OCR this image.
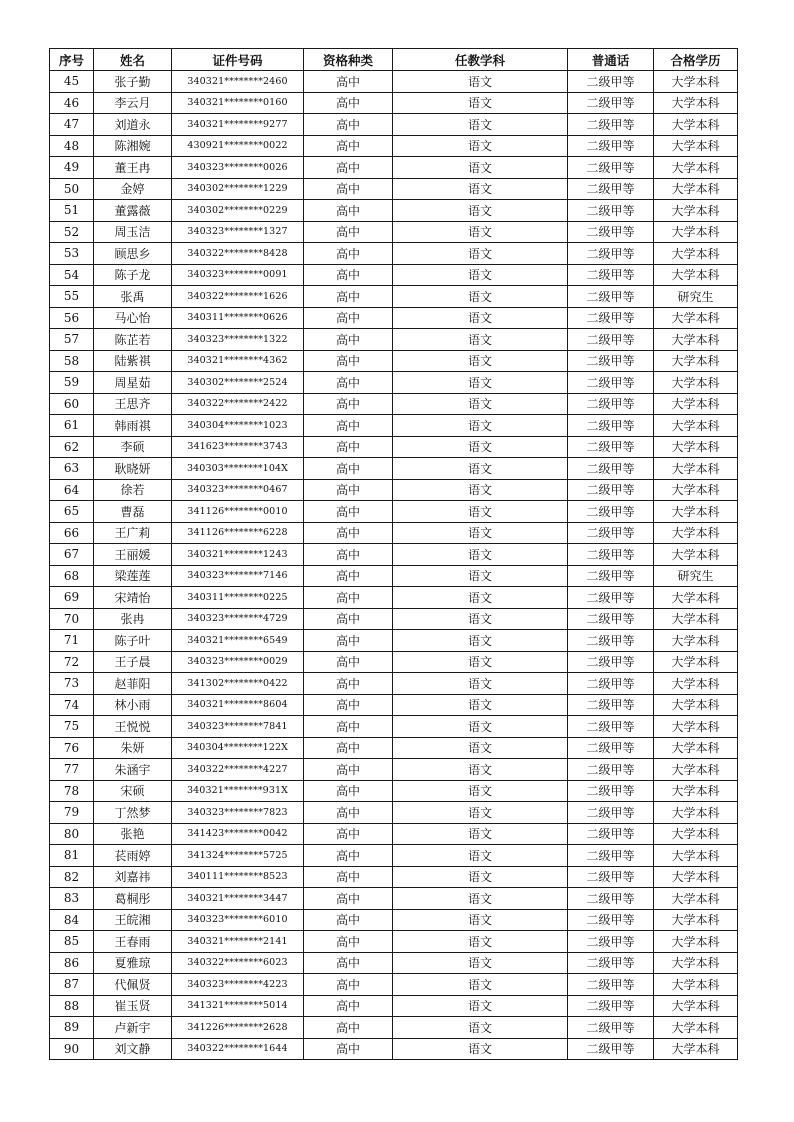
序号	姓名	证件号码	资格种类	任教学科	普通话	合格学历
45	张子勤	340321********2460	高中	语文	二级甲等	大学本科
46	李云月	340321********0160	高中	语文	二级甲等	大学本科
47	刘道永	340321********9277	高中	语文	二级甲等	大学本科
48	陈湘婉	430921********0022	高中	语文	二级甲等	大学本科
49	董王冉	340323********0026	高中	语文	二级甲等	大学本科
50	金婷	340302********1229	高中	语文	二级甲等	大学本科
51	董露薇	340302********0229	高中	语文	二级甲等	大学本科
52	周玉洁	340323********1327	高中	语文	二级甲等	大学本科
53	顾思乡	340322********8428	高中	语文	二级甲等	大学本科
54	陈子龙	340323********0091	高中	语文	二级甲等	大学本科
55	张禹	340322********1626	高中	语文	二级甲等	研究生
56	马心怡	340311********0626	高中	语文	二级甲等	大学本科
57	陈芷若	340323********1322	高中	语文	二级甲等	大学本科
58	陆紫祺	340321********4362	高中	语文	二级甲等	大学本科
59	周星茹	340302********2524	高中	语文	二级甲等	大学本科
60	王思齐	340322********2422	高中	语文	二级甲等	大学本科
61	韩雨祺	340304********1023	高中	语文	二级甲等	大学本科
62	李硕	341623********3743	高中	语文	二级甲等	大学本科
63	耿晓妍	340303********104X	高中	语文	二级甲等	大学本科
64	徐若	340323********0467	高中	语文	二级甲等	大学本科
65	曹磊	341126********0010	高中	语文	二级甲等	大学本科
66	王广莉	341126********6228	高中	语文	二级甲等	大学本科
67	王丽媛	340321********1243	高中	语文	二级甲等	大学本科
68	梁莲莲	340323********7146	高中	语文	二级甲等	研究生
69	宋靖怡	340311********0225	高中	语文	二级甲等	大学本科
70	张冉	340323********4729	高中	语文	二级甲等	大学本科
71	陈子叶	340321********6549	高中	语文	二级甲等	大学本科
72	王子晨	340323********0029	高中	语文	二级甲等	大学本科
73	赵菲阳	341302********0422	高中	语文	二级甲等	大学本科
74	林小雨	340321********8604	高中	语文	二级甲等	大学本科
75	王悦悦	340323********7841	高中	语文	二级甲等	大学本科
76	朱妍	340304********122X	高中	语文	二级甲等	大学本科
77	朱涵宇	340322********4227	高中	语文	二级甲等	大学本科
78	宋硕	340321********931X	高中	语文	二级甲等	大学本科
79	丁然梦	340323********7823	高中	语文	二级甲等	大学本科
80	张艳	341423********0042	高中	语文	二级甲等	大学本科
81	苌雨婷	341324********5725	高中	语文	二级甲等	大学本科
82	刘嘉祎	340111********8523	高中	语文	二级甲等	大学本科
83	葛桐彤	340321********3447	高中	语文	二级甲等	大学本科
84	王皖湘	340323********6010	高中	语文	二级甲等	大学本科
85	王春雨	340321********2141	高中	语文	二级甲等	大学本科
86	夏雅琼	340322********6023	高中	语文	二级甲等	大学本科
87	代佩贤	340323********4223	高中	语文	二级甲等	大学本科
88	崔玉贤	341321********5014	高中	语文	二级甲等	大学本科
89	卢新宇	341226********2628	高中	语文	二级甲等	大学本科
90	刘文静	340322********1644	高中	语文	二级甲等	大学本科
